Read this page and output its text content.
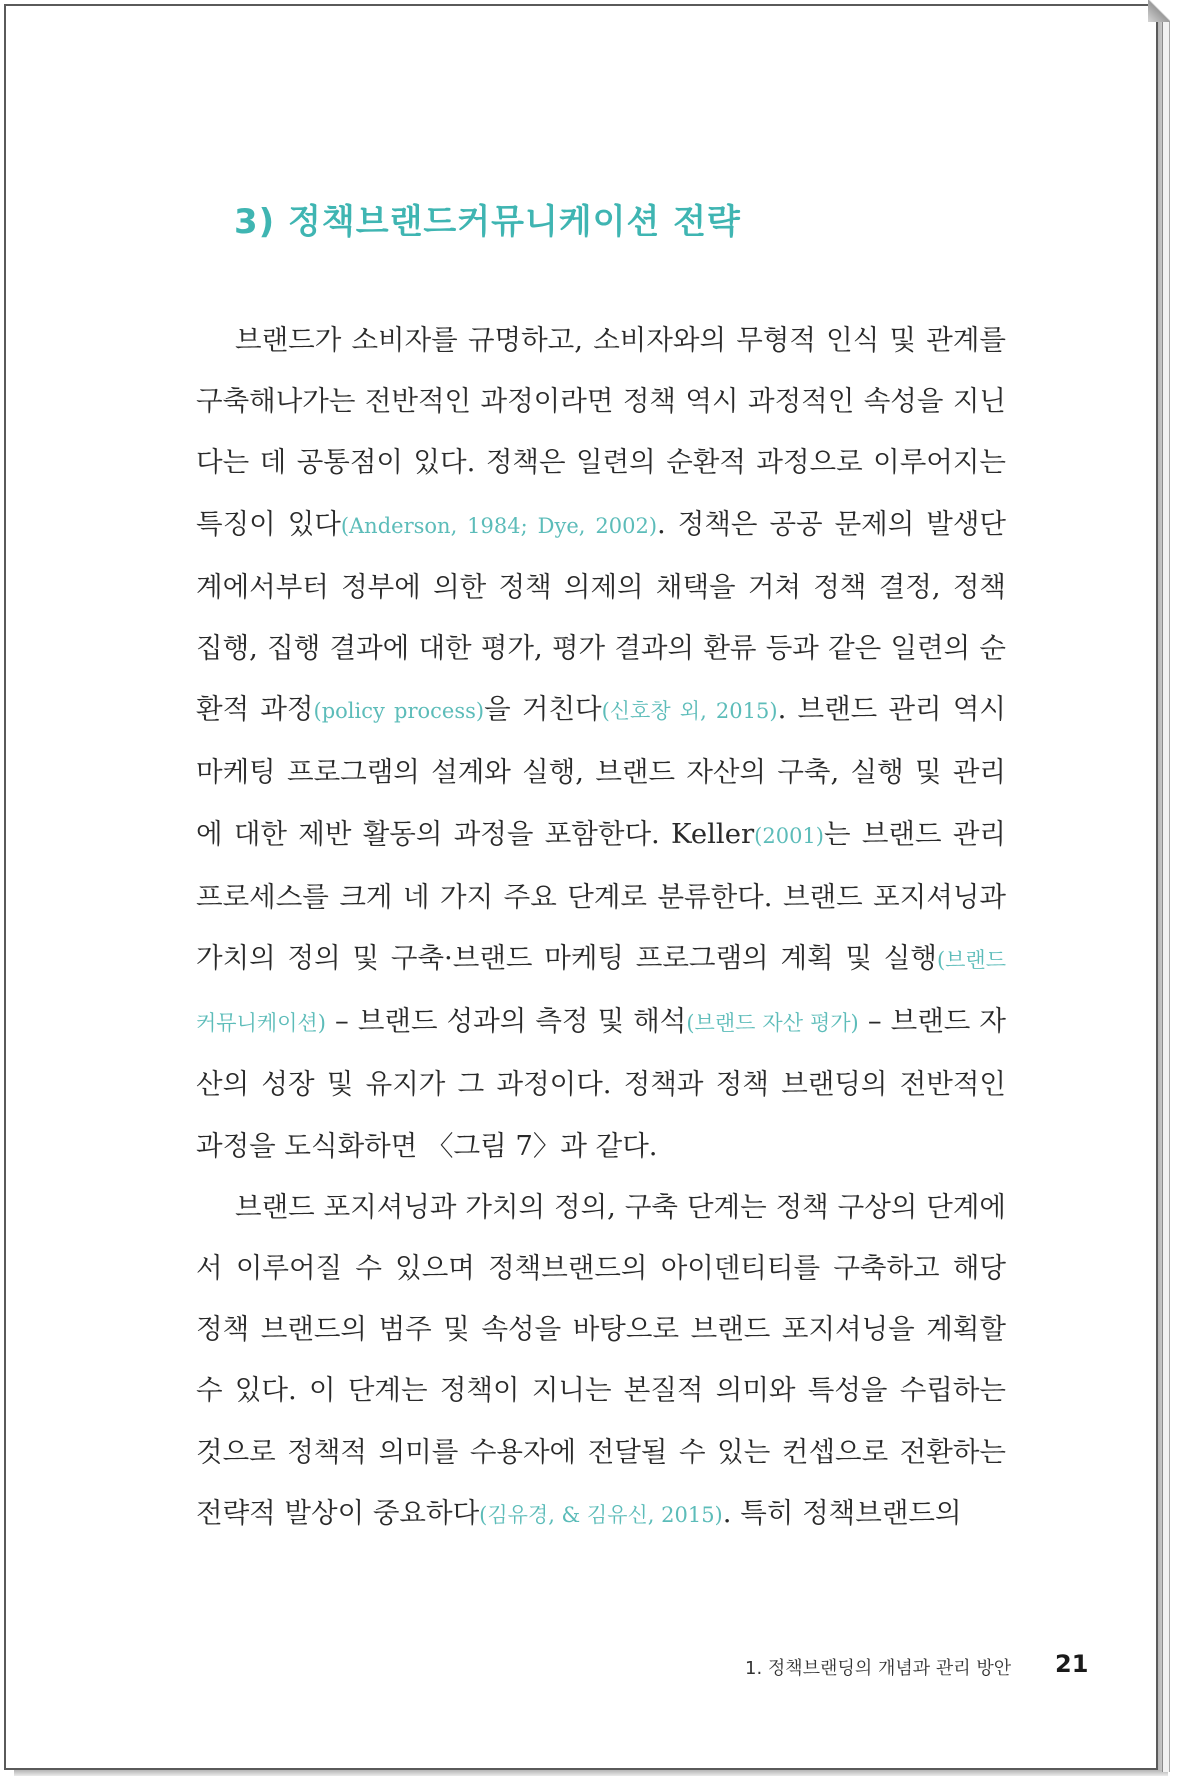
3) 정책브랜드커뮤니케이션 전략

브랜드가 소비자를 규명하고, 소비자와의 무형적 인식 및 관계를 구축해나가는 전반적인 과정이라면 정책 역시 과정적인 속성을 지닌다는 데 공통점이 있다. 정책은 일련의 순환적 과정으로 이루어지는 특징이 있다(Anderson, 1984; Dye, 2002). 정책은 공공 문제의 발생단계에서부터 정부에 의한 정책 의제의 채택을 거쳐 정책 결정, 정책 집행, 집행 결과에 대한 평가, 평가 결과의 환류 등과 같은 일련의 순환적 과정(policy process)을 거친다(신호창 외, 2015). 브랜드 관리 역시 마케팅 프로그램의 설계와 실행, 브랜드 자산의 구축, 실행 및 관리에 대한 제반 활동의 과정을 포함한다. Keller(2001)는 브랜드 관리 프로세스를 크게 네 가지 주요 단계로 분류한다. 브랜드 포지셔닝과 가치의 정의 및 구축·브랜드 마케팅 프로그램의 계획 및 실행(브랜드 커뮤니케이션) – 브랜드 성과의 측정 및 해석(브랜드 자산 평가) – 브랜드 자산의 성장 및 유지가 그 과정이다. 정책과 정책 브랜딩의 전반적인 과정을 도식화하면 〈그림 7〉과 같다.

브랜드 포지셔닝과 가치의 정의, 구축 단계는 정책 구상의 단계에서 이루어질 수 있으며 정책브랜드의 아이덴티티를 구축하고 해당 정책 브랜드의 범주 및 속성을 바탕으로 브랜드 포지셔닝을 계획할 수 있다. 이 단계는 정책이 지니는 본질적 의미와 특성을 수립하는 것으로 정책적 의미를 수용자에 전달될 수 있는 컨셉으로 전환하는 전략적 발상이 중요하다(김유경, & 김유신, 2015). 특히 정책브랜드의

1. 정책브랜딩의 개념과 관리 방안 21
